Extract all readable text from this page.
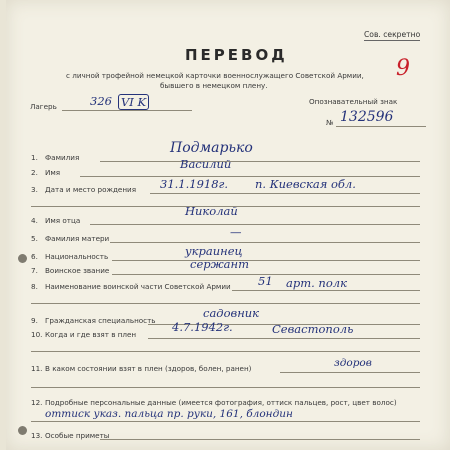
Сов. секретно
ПЕРЕВОД
9
с личной трофейной немецкой карточки военнослужащего Советской Армии,
бывшего в немецком плену.
Лагерь	326 VI K	Опознавательный знак
№ 132596
1. Фамилия
Подмарько
2. Имя
Василий
3. Дата и место рождения 31.1.1918г. п. Киевская обл.
4. Имя отца
Николай
5. Фамилия матери	—
6. Национальность	украинец
7. Воинское звание	сержант
8. Наименование воинской части Советской Армии 51 арт. полк
9. Гражданская специальность
садовник
10. Когда и где взят в плен
4.7.1942г.	Севастополь
11. В каком состоянии взят в плен (здоров, болен, ранен)	здоров
12. Подробные персональные данные (имеется фотография, оттиск пальцев, рост, цвет волос)
оттиск указ. пальца пр. руки, 161, блондин
13. Особые приметы
